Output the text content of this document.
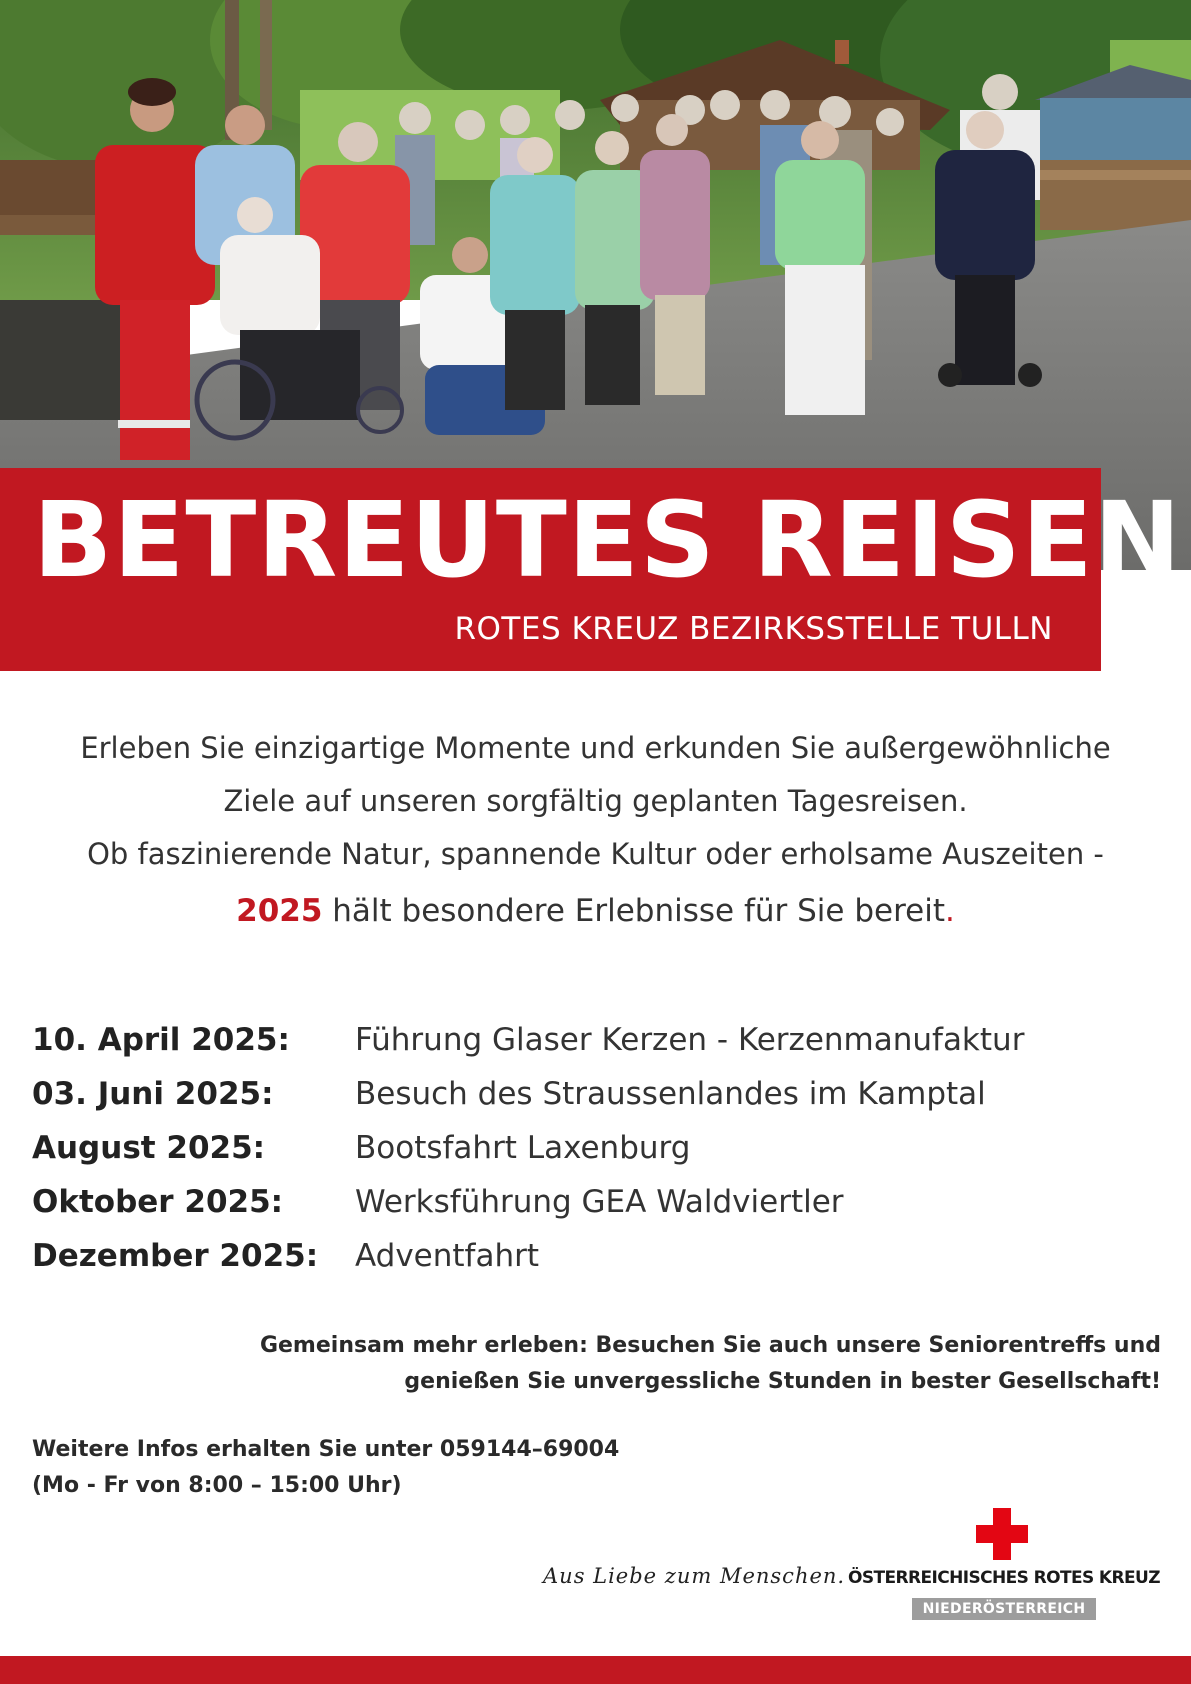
BETREUTES REISEN
ROTES KREUZ BEZIRKSSTELLE TULLN
Erleben Sie einzigartige Momente und erkunden Sie außergewöhnliche
Ziele auf unseren sorgfältig geplanten Tagesreisen.
Ob faszinierende Natur, spannende Kultur oder erholsame Auszeiten -
2025 hält besondere Erlebnisse für Sie bereit.
10. April 2025: Führung Glaser Kerzen - Kerzenmanufaktur
03. Juni 2025:	Besuch des Straussenlandes im Kamptal
August 2025:	Bootsfahrt Laxenburg
Oktober 2025: Werksführung GEA Waldviertler
Dezember 2025: Adventfahrt
Gemeinsam mehr erleben: Besuchen Sie auch unsere Seniorentreffs und
genießen Sie unvergessliche Stunden in bester Gesellschaft!
Weitere Infos erhalten Sie unter 059144–69004
(Mo - Fr von 8:00 – 15:00 Uhr)
Aus Liebe zum Menschen. ÖSTERREICHISCHES ROTES KREUZ
NIEDERÖSTERREICH
